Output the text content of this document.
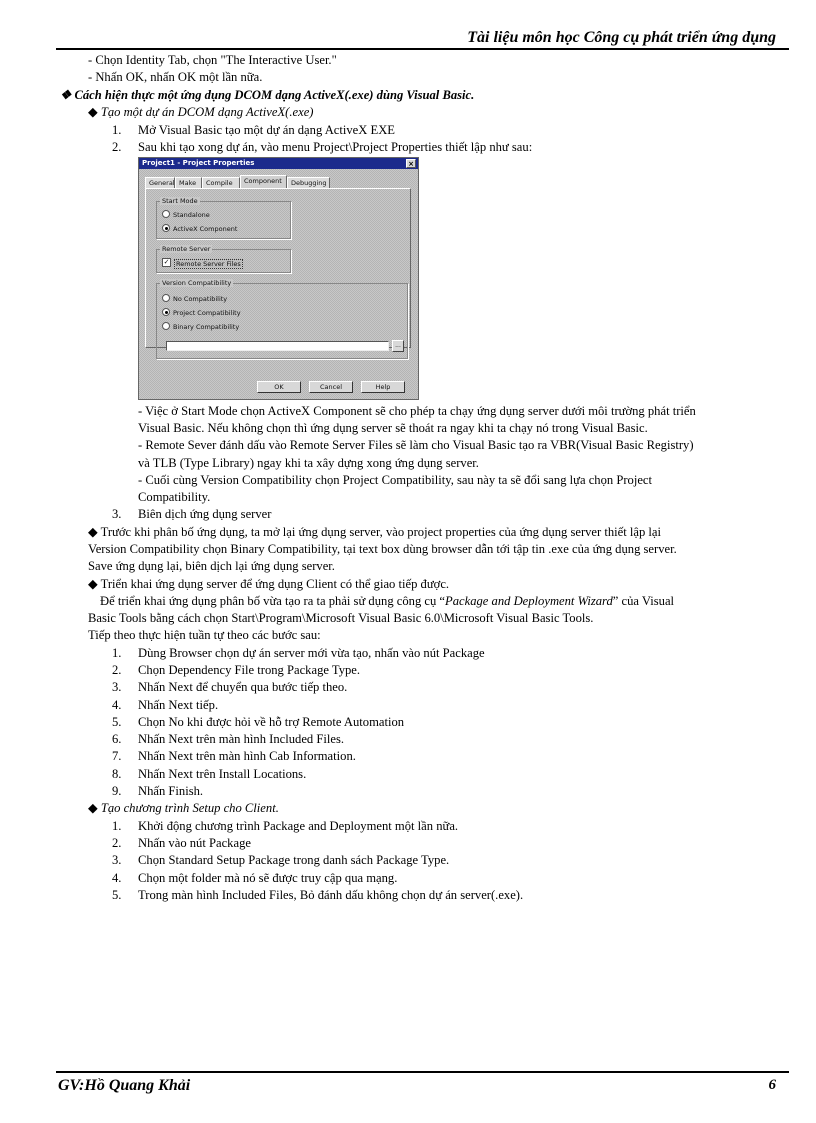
Tài liệu môn học Công cụ phát triển ứng dụng
- Chọn Identity Tab, chọn "The Interactive User."
- Nhấn OK, nhấn OK một lần nữa.
❖ Cách hiện thực một ứng dụng DCOM dạng ActiveX(.exe) dùng Visual Basic.
◆ Tạo một dự án DCOM dạng ActiveX(.exe)
1. Mở Visual Basic tạo một dự án dạng ActiveX EXE
2. Sau khi tạo xong dự án, vào menu Project\Project Properties thiết lập như sau:
Project1 - Project Properties	×
General Make	Compile	Component	Debugging
Start Mode
Standalone
ActiveX Component
Remote Server
✓ Remote Server Files
Version Compatibility
No Compatibility
Project Compatibility
Binary Compatibility
...
OK	Cancel	Help
- Việc ở Start Mode chọn ActiveX Component sẽ cho phép ta chạy ứng dụng server dưới môi trường phát triển
Visual Basic. Nếu không chọn thì ứng dụng server sẽ thoát ra ngay khi ta chạy nó trong Visual Basic.
- Remote Sever đánh dấu vào Remote Server Files sẽ làm cho Visual Basic tạo ra VBR(Visual Basic Registry)
và TLB (Type Library) ngay khi ta xây dựng xong ứng dụng server.
- Cuối cùng Version Compatibility chọn Project Compatibility, sau này ta sẽ đổi sang lựa chọn Project
Compatibility.
3. Biên dịch ứng dụng server
◆ Trước khi phân bố ứng dụng, ta mở lại ứng dụng server, vào project properties của ứng dụng server thiết lập lại
Version Compatibility chọn Binary Compatibility, tại text box dùng browser dẫn tới tập tin .exe của ứng dụng server.
Save ứng dụng lại, biên dịch lại ứng dụng server.
◆ Triển khai ứng dụng server để ứng dụng Client có thể giao tiếp được.
Để triển khai ứng dụng phân bố vừa tạo ra ta phải sử dụng công cụ “Package and Deployment Wizard” của Visual
Basic Tools bằng cách chọn Start\Program\Microsoft Visual Basic 6.0\Microsoft Visual Basic Tools.
Tiếp theo thực hiện tuần tự theo các bước sau:
1. Dùng Browser chọn dự án server mới vừa tạo, nhấn vào nút Package
2. Chọn Dependency File trong Package Type.
3. Nhấn Next để chuyển qua bước tiếp theo.
4. Nhấn Next tiếp.
5. Chọn No khi được hỏi về hỗ trợ Remote Automation
6. Nhấn Next trên màn hình Included Files.
7. Nhấn Next trên màn hình Cab Information.
8. Nhấn Next trên Install Locations.
9. Nhấn Finish.
◆ Tạo chương trình Setup cho Client.
1. Khởi động chương trình Package and Deployment một lần nữa.
2. Nhấn vào nút Package
3. Chọn Standard Setup Package trong danh sách Package Type.
4. Chọn một folder mà nó sẽ được truy cập qua mạng.
5. Trong màn hình Included Files, Bỏ đánh dấu không chọn dự án server(.exe).
GV:Hồ Quang Khải	6
